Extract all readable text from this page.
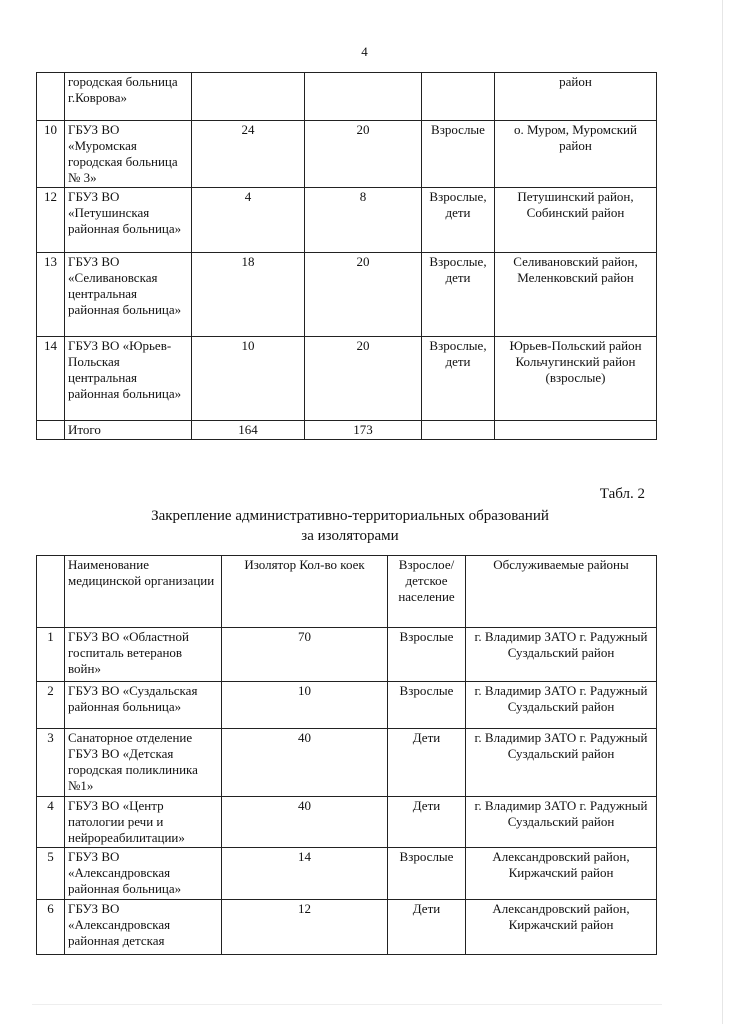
4
	городская больница г.Коврова»				район
10	ГБУЗ ВО «Муромская городская больница № 3»	24	20	Взрослые	о. Муром, Муромский район
12	ГБУЗ ВО «Петушинская районная больница»	4	8	Взрослые, дети	Петушинский район, Собинский район
13	ГБУЗ ВО «Селивановская центральная районная больница»	18	20	Взрослые, дети	Селивановский район, Меленковский район
14	ГБУЗ ВО «Юрьев-Польская центральная районная больница»	10	20	Взрослые, дети	Юрьев-Польский район Кольчугинский район (взрослые)
	Итого	164	173		
Табл. 2
Закрепление административно-территориальных образований
за изоляторами
	Наименование медицинской организации	Изолятор Кол-во коек	Взрослое/ детское население	Обслуживаемые районы
1	ГБУЗ ВО «Областной госпиталь ветеранов войн»	70	Взрослые	г. Владимир ЗАТО г. Радужный Суздальский район
2	ГБУЗ ВО «Суздальская районная больница»	10	Взрослые	г. Владимир ЗАТО г. Радужный Суздальский район
3	Санаторное отделение ГБУЗ ВО «Детская городская поликлиника №1»	40	Дети	г. Владимир ЗАТО г. Радужный Суздальский район
4	ГБУЗ ВО «Центр патологии речи и нейрореабилитации»	40	Дети	г. Владимир ЗАТО г. Радужный Суздальский район
5	ГБУЗ ВО «Александровская районная больница»	14	Взрослые	Александровский район, Киржачский район
6	ГБУЗ ВО «Александровская районная детская	12	Дети	Александровский район, Киржачский район
